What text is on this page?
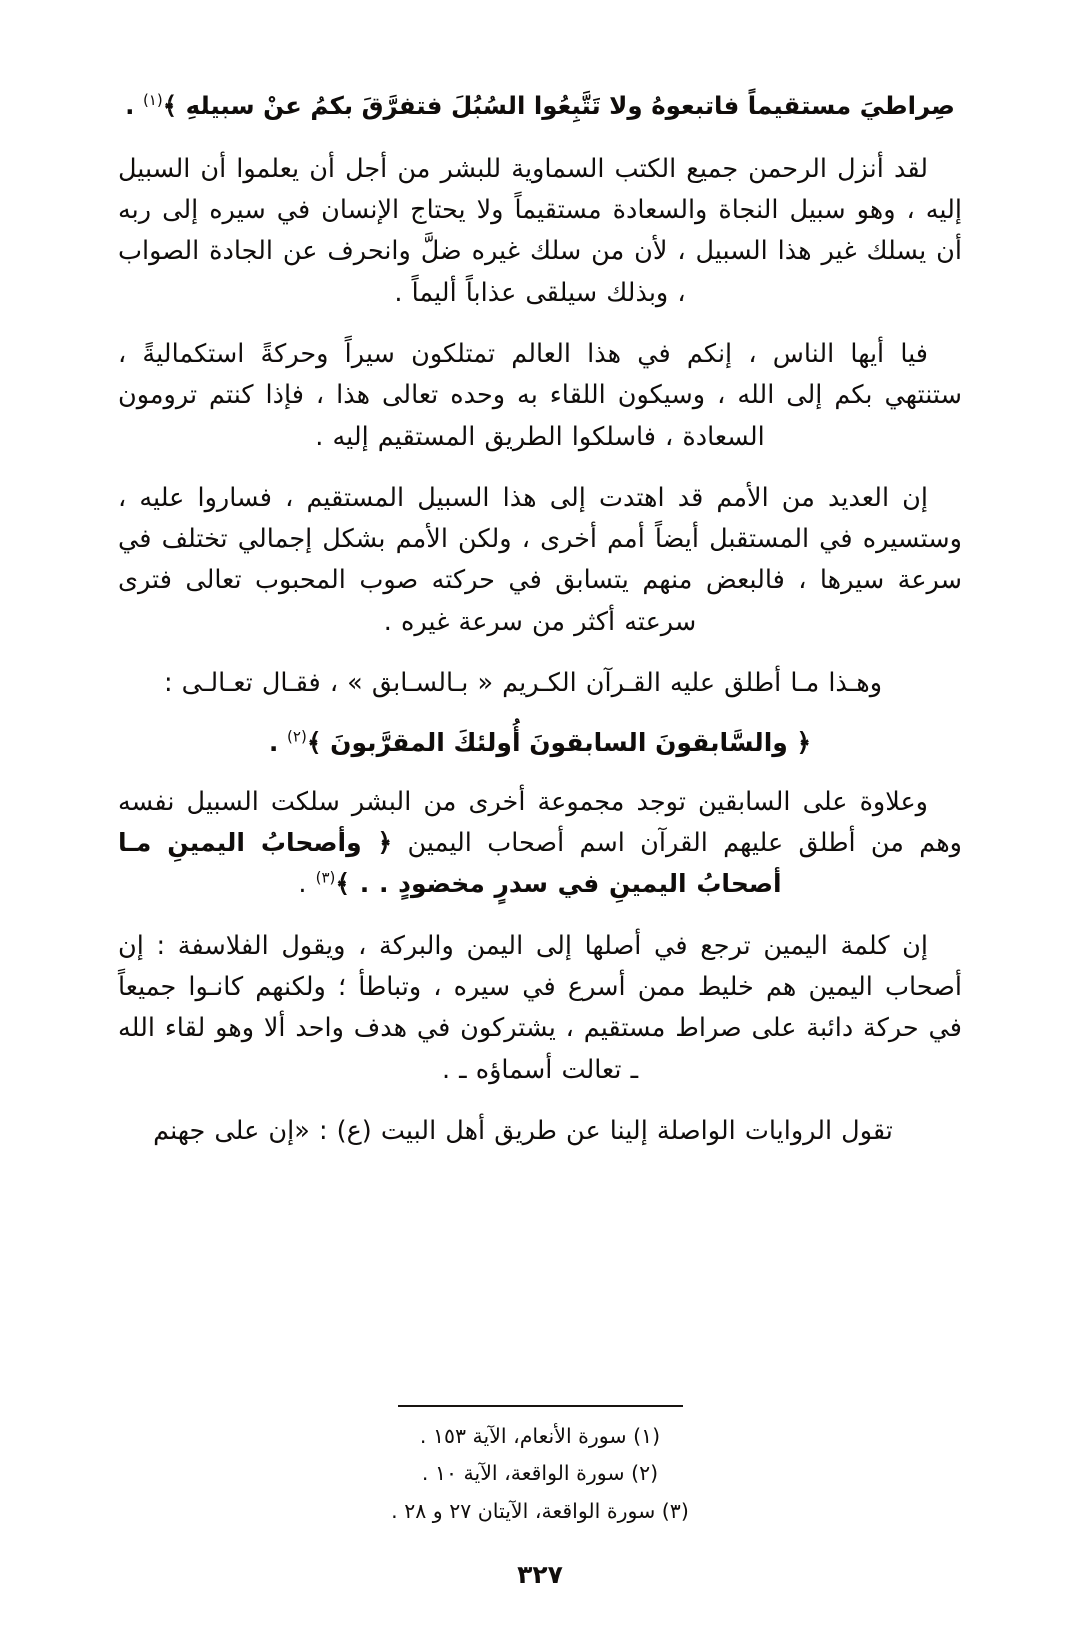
صِراطيَ مستقيماً فاتبعوهُ ولا تَتَّبِعُوا السُبُلَ فتفرَّقَ بكمُ عنْ سبيلهِ ﴾$^{(١)}$ .

لقد أنزل الرحمن جميع الكتب السماوية للبشر من أجل أن يعلموا أن السبيل إليه ، وهو سبيل النجاة والسعادة مستقيماً ولا يحتاج الإنسان في سيره إلى ربه أن يسلك غير هذا السبيل ، لأن من سلك غيره ضلَّ وانحرف عن الجادة الصواب ، وبذلك سيلقى عذاباً أليماً .

فيا أيها الناس ، إنكم في هذا العالم تمتلكون سيراً وحركةً استكماليةً ، ستنتهي بكم إلى الله ، وسيكون اللقاء به وحده تعالى هذا ، فإذا كنتم ترومون السعادة ، فاسلكوا الطريق المستقيم إليه .

إن العديد من الأمم قد اهتدت إلى هذا السبيل المستقيم ، فساروا عليه ، وستسيره في المستقبل أيضاً أمم أخرى ، ولكن الأمم بشكل إجمالي تختلف في سرعة سيرها ، فالبعض منهم يتسابق في حركته صوب المحبوب تعالى فترى سرعته أكثر من سرعة غيره .

وهـذا مـا أطلق عليه القـرآن الكـريم « بـالسـابق » ، فقـال تعـالـى :

﴿ والسَّابقونَ السابقونَ أُولئكَ المقرَّبونَ ﴾$^{(٢)}$ .

وعلاوة على السابقين توجد مجموعة أخرى من البشر سلكت السبيل نفسه وهم من أطلق عليهم القرآن اسم أصحاب اليمين ﴿ وأصحابُ اليمينِ مـا أصحابُ اليمينِ في سدرٍ مخضودٍ . . ﴾$^{(٣)}$ .

إن كلمة اليمين ترجع في أصلها إلى اليمن والبركة ، ويقول الفلاسفة : إن أصحاب اليمين هم خليط ممن أسرع في سيره ، وتباطأ ؛ ولكنهم كانـوا جميعاً في حركة دائبة على صراط مستقيم ، يشتركون في هدف واحد ألا وهو لقاء الله ـ تعالت أسماؤه ـ .

تقول الروايات الواصلة إلينا عن طريق أهل البيت (ع) : «إن على جهنم

(١) سورة الأنعام، الآية ١٥٣ .

(٢) سورة الواقعة، الآية ١٠ .

(٣) سورة الواقعة، الآيتان ٢٧ و ٢٨ .

٣٢٧
